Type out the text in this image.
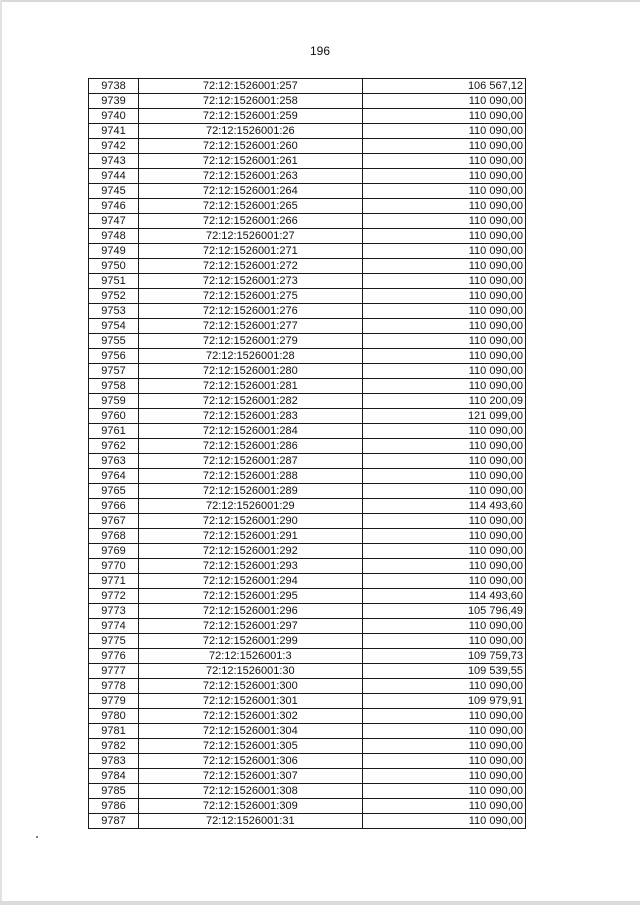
196
9738	72:12:1526001:257	106 567,12
9739	72:12:1526001:258	110 090,00
9740	72:12:1526001:259	110 090,00
9741	72:12:1526001:26	110 090,00
9742	72:12:1526001:260	110 090,00
9743	72:12:1526001:261	110 090,00
9744	72:12:1526001:263	110 090,00
9745	72:12:1526001:264	110 090,00
9746	72:12:1526001:265	110 090,00
9747	72:12:1526001:266	110 090,00
9748	72:12:1526001:27	110 090,00
9749	72:12:1526001:271	110 090,00
9750	72:12:1526001:272	110 090,00
9751	72:12:1526001:273	110 090,00
9752	72:12:1526001:275	110 090,00
9753	72:12:1526001:276	110 090,00
9754	72:12:1526001:277	110 090,00
9755	72:12:1526001:279	110 090,00
9756	72:12:1526001:28	110 090,00
9757	72:12:1526001:280	110 090,00
9758	72:12:1526001:281	110 090,00
9759	72:12:1526001:282	110 200,09
9760	72:12:1526001:283	121 099,00
9761	72:12:1526001:284	110 090,00
9762	72:12:1526001:286	110 090,00
9763	72:12:1526001:287	110 090,00
9764	72:12:1526001:288	110 090,00
9765	72:12:1526001:289	110 090,00
9766	72:12:1526001:29	114 493,60
9767	72:12:1526001:290	110 090,00
9768	72:12:1526001:291	110 090,00
9769	72:12:1526001:292	110 090,00
9770	72:12:1526001:293	110 090,00
9771	72:12:1526001:294	110 090,00
9772	72:12:1526001:295	114 493,60
9773	72:12:1526001:296	105 796,49
9774	72:12:1526001:297	110 090,00
9775	72:12:1526001:299	110 090,00
9776	72:12:1526001:3	109 759,73
9777	72:12:1526001:30	109 539,55
9778	72:12:1526001:300	110 090,00
9779	72:12:1526001:301	109 979,91
9780	72:12:1526001:302	110 090,00
9781	72:12:1526001:304	110 090,00
9782	72:12:1526001:305	110 090,00
9783	72:12:1526001:306	110 090,00
9784	72:12:1526001:307	110 090,00
9785	72:12:1526001:308	110 090,00
9786	72:12:1526001:309	110 090,00
9787	72:12:1526001:31	110 090,00
